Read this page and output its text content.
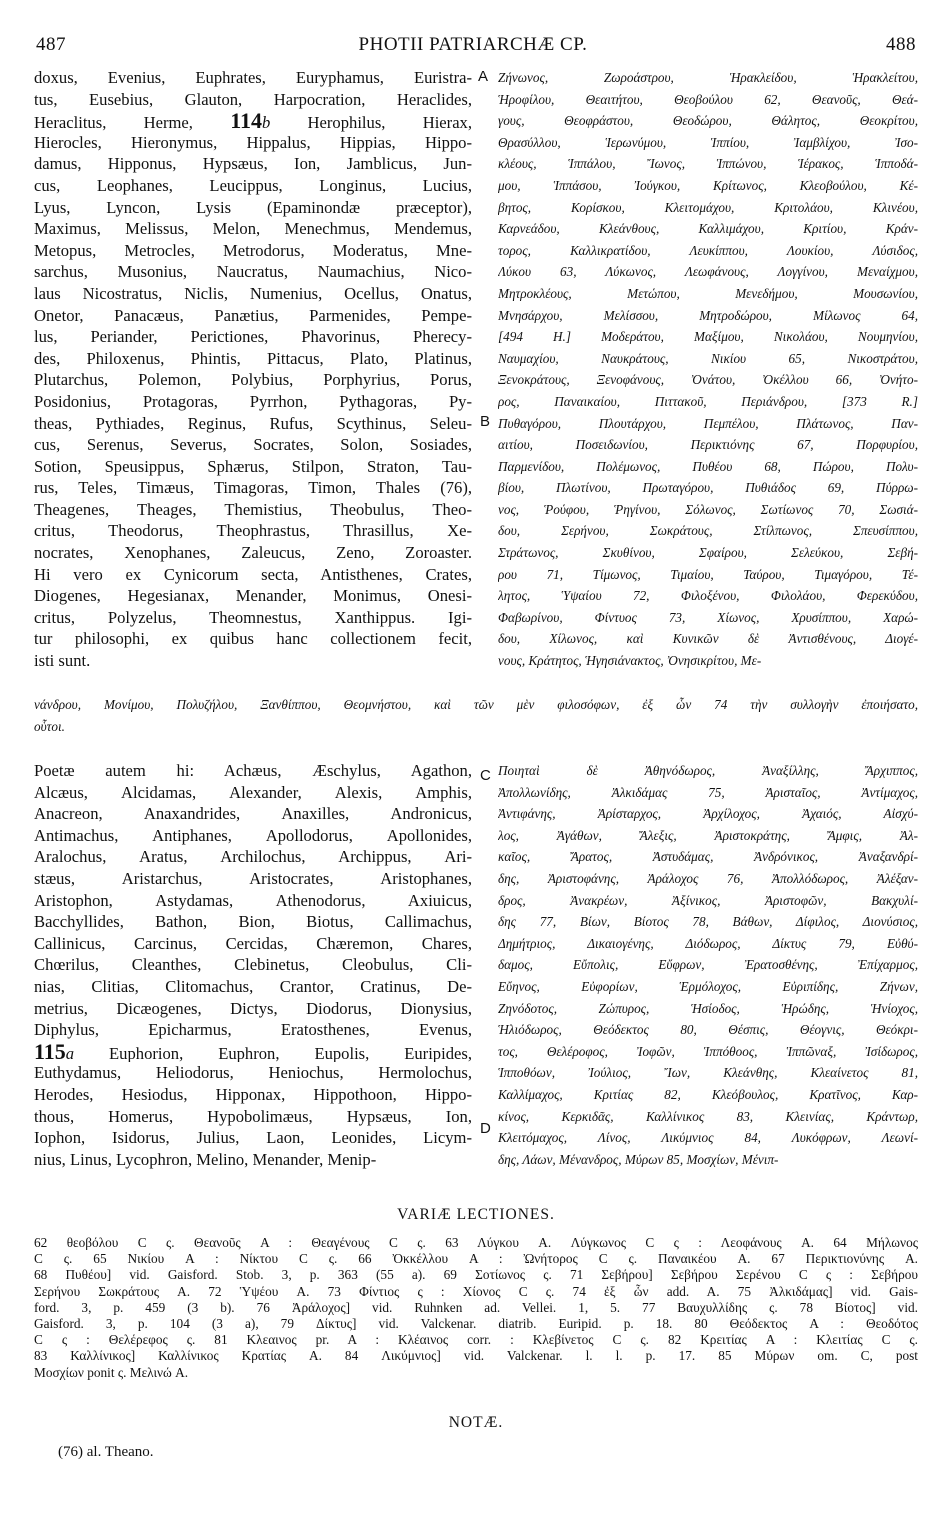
487	PHOTII PATRIARCHÆ CP.	488
doxus, Evenius, Euphrates, Euryphamus, Euristra-
tus, Eusebius, Glauton, Harpocration, Heraclides,
Heraclitus, Herme, 114b Herophilus, Hierax,
Hierocles, Hieronymus, Hippalus, Hippias, Hippo-
damus, Hipponus, Hypsæus, Ion, Jamblicus, Jun-
cus, Leophanes, Leucippus, Longinus, Lucius,
Lyus, Lyncon, Lysis (Epaminondæ præceptor),
Maximus, Melissus, Melon, Menechmus, Mendemus,
Metopus, Metrocles, Metrodorus, Moderatus, Mne-
sarchus, Musonius, Naucratus, Naumachius, Nico-
laus Nicostratus, Niclis, Numenius, Ocellus, Onatus,
Onetor, Panacæus, Panætius, Parmenides, Pempe-
lus, Periander, Perictiones, Phavorinus, Pherecy-
des, Philoxenus, Phintis, Pittacus, Plato, Platinus,
Plutarchus, Polemon, Polybius, Porphyrius, Porus,
Posidonius, Protagoras, Pyrrhon, Pythagoras, Py-
theas, Pythiades, Reginus, Rufus, Scythinus, Seleu-
cus, Serenus, Severus, Socrates, Solon, Sosiades,
Sotion, Speusippus, Sphærus, Stilpon, Straton, Tau-
rus, Teles, Timæus, Timagoras, Timon, Thales (76),
Theagenes, Theages, Themistius, Theobulus, Theo-
critus, Theodorus, Theophrastus, Thrasillus, Xe-
nocrates, Xenophanes, Zaleucus, Zeno, Zoroaster.
Hi vero ex Cynicorum secta, Antisthenes, Crates,
Diogenes, Hegesianax, Menander, Monimus, Onesi-
critus, Polyzelus, Theomnestus, Xanthippus. Igi-
tur philosophi, ex quibus hanc collectionem fecit,
isti sunt.
Ζήνωνος, Ζωροάστρου, Ἡρακλείδου, Ἡρακλείτου,
Ἡροφίλου, Θεαιτήτου, Θεοβούλου 62, Θεανοῦς, Θεά-
γους, Θεοφράστου, Θεοδώρου, Θάλητος, Θεοκρίτου,
Θρασύλλου, Ἱερωνύμου, Ἱππίου, Ἰαμβλίχου, Ἰσο-
κλέους, Ἱππάλου, Ἴωνος, Ἱππώνου, Ἱέρακος, Ἱπποδά-
μου, Ἱππάσου, Ἰούγκου, Κρίτωνος, Κλεοβούλου, Κέ-
βητος, Κορίσκου, Κλειτομάχου, Κριτολάου, Κλινέου,
Καρνεάδου, Κλεάνθους, Καλλιμάχου, Κριτίου, Κράν-
τορος, Καλλικρατίδου, Λευκίππου, Λουκίου, Λύσιδος,
Λύκου 63, Λύκωνος, Λεωφάνους, Λογγίνου, Μεναίχμου,
Μητροκλέους, Μετώπου, Μενεδήμου, Μουσωνίου,
Μνησάρχου, Μελίσσου, Μητροδώρου, Μίλωνος 64,
[494 H.] Μοδεράτου, Μαξίμου, Νικολάου, Νουμηνίου,
Ναυμαχίου, Ναυκράτους, Νικίου 65, Νικοστράτου,
Ξενοκράτους, Ξενοφάνους, Ὀνάτου, Ὀκέλλου 66, Ὀνήτο-
ρος, Παναικαίου, Πιττακοῦ, Περιάνδρου, [373 R.]
Πυθαγόρου, Πλουτάρχου, Πεμπέλου, Πλάτωνος, Παν-
αιτίου, Ποσειδωνίου, Περικτιόνης 67, Πορφυρίου,
Παρμενίδου, Πολέμωνος, Πυθέου 68, Πώρου, Πολυ-
βίου, Πλωτίνου, Πρωταγόρου, Πυθιάδος 69, Πύρρω-
νος, Ῥούφου, Ῥηγίνου, Σόλωνος, Σωτίωνος 70, Σωσιά-
δου, Σερήνου, Σωκράτους, Στίλπωνος, Σπευσίππου,
Στράτωνος, Σκυθίνου, Σφαίρου, Σελεύκου, Σεβή-
ρου 71, Τίμωνος, Τιμαίου, Ταύρου, Τιμαγόρου, Τέ-
λητος, Ὑψαίου 72, Φιλοξένου, Φιλολάου, Φερεκύδου,
Φαβωρίνου, Φίντυος 73, Χίωνος, Χρυσίππου, Χαρώ-
δου, Χίλωνος, καὶ Κυνικῶν δὲ Ἀντισθένους, Διογέ-
νους, Κράτητος, Ἡγησιάνακτος, Ὀνησικρίτου, Με-
A
B
C
D
νάνδρου, Μονίμου, Πολυζήλου, Ξανθίππου, Θεομνήστου, καὶ τῶν μὲν φιλοσόφων, ἐξ ὧν 74 τὴν συλλογὴν ἐποιήσατο,
οὗτοι.
Poetæ autem hi: Achæus, Æschylus, Agathon,
Alcæus, Alcidamas, Alexander, Alexis, Amphis,
Anacreon, Anaxandrides, Anaxilles, Andronicus,
Antimachus, Antiphanes, Apollodorus, Apollonides,
Aralochus, Aratus, Archilochus, Archippus, Ari-
stæus, Aristarchus, Aristocrates, Aristophanes,
Aristophon, Astydamas, Athenodorus, Axiuicus,
Bacchyllides, Bathon, Bion, Biotus, Callimachus,
Callinicus, Carcinus, Cercidas, Chæremon, Chares,
Chœrilus, Cleanthes, Clebinetus, Cleobulus, Cli-
nias, Clitias, Clitomachus, Crantor, Cratinus, De-
metrius, Dicæogenes, Dictys, Diodorus, Dionysius,
Diphylus, Epicharmus, Eratosthenes, Evenus,
115a Euphorion, Euphron, Eupolis, Euripides,
Euthydamus, Heliodorus, Heniochus, Hermolochus,
Herodes, Hesiodus, Hipponax, Hippothoon, Hippo-
thous, Homerus, Hypobolimæus, Hypsæus, Ion,
Iophon, Isidorus, Julius, Laon, Leonides, Licym-
nius, Linus, Lycophron, Melino, Menander, Menip-
Ποιηταὶ δὲ Ἀθηνόδωρος, Ἀναξίλλης, Ἄρχιππος,
Ἀπολλωνίδης, Ἀλκιδάμας 75, Ἀρισταῖος, Ἀντίμαχος,
Ἀντιφάνης, Ἀρίσταρχος, Ἀρχίλοχος, Ἀχαιός, Αἰσχύ-
λος, Ἀγάθων, Ἄλεξις, Ἀριστοκράτης, Ἄμφις, Ἀλ-
καῖος, Ἄρατος, Ἀστυδάμας, Ἀνδρόνικος, Ἀναξανδρί-
δης, Ἀριστοφάνης, Ἀράλοχος 76, Ἀπολλόδωρος, Ἀλέξαν-
δρος, Ἀνακρέων, Ἀξίνικος, Ἀριστοφῶν, Βακχυλί-
δης 77, Βίων, Βίοτος 78, Βάθων, Δίφιλος, Διονύσιος,
Δημήτριος, Δικαιογένης, Διόδωρος, Δίκτυς 79, Εὐθύ-
δαμος, Εὔπολις, Εὔφρων, Ἐρατοσθένης, Ἐπίχαρμος,
Εὔηνος, Εὐφορίων, Ἑρμόλοχος, Εὐριπίδης, Ζήνων,
Ζηνόδοτος, Ζώπυρος, Ἡσίοδος, Ἡρώδης, Ἡνίοχος,
Ἡλιόδωρος, Θεόδεκτος 80, Θέσπις, Θέογνις, Θεόκρι-
τος, Θελέροφος, Ἰοφῶν, Ἱππόθοος, Ἱππῶναξ, Ἰσίδωρος,
Ἱπποθόων, Ἰούλιος, Ἴων, Κλεάνθης, Κλεαίνετος 81,
Καλλίμαχος, Κριτίας 82, Κλεόβουλος, Κρατῖνος, Καρ-
κίνος, Κερκιδᾶς, Καλλίνικος 83, Κλεινίας, Κράντωρ,
Κλειτόμαχος, Λίνος, Λικύμνιος 84, Λυκόφρων, Λεωνί-
δης, Λάων, Μένανδρος, Μύρων 85, Μοσχίων, Μένιπ-
VARIÆ LECTIONES.
62 θεοβόλου C ς. Θεανοῦς A : Θεαγένους C ς. 63 Λύγκου A. Λύγκωνος C ς : Λεοφάνους A. 64 Μήλωνος
C ς. 65 Νικίου A : Νίκτου C ς. 66 Ὀκκέλλου A : Ὠνήτορος C ς. Παναικέου A. 67 Περικτιονύνης A.
68 Πυθέου] vid. Gaisford. Stob. 3, p. 363 (55 a). 69 Σοτίωνος ς. 71 Σεβήρου] Σεβήρου Σερένου C ς : Σεβήρου
Σερήνου Σωκράτους A. 72 Ὑψέου A. 73 Φίντιος ς : Χίονος C ς. 74 ἐξ ὧν add. A. 75 Ἀλκιδάμας] vid. Gais-
ford. 3, p. 459 (3 b). 76 Ἀράλοχος] vid. Ruhnken ad. Vellei. 1, 5. 77 Βαυχυλλίδης ς. 78 Βίοτος] vid.
Gaisford. 3, p. 104 (3 a), 79 Δίκτυς] vid. Valckenar. diatrib. Euripid. p. 18. 80 Θεόδεκτος A : Θεοδότος
C ς : Θελέρεφος ς. 81 Κλεαινος pr. A : Κλέαινος corr. : Κλεβίνετος C ς. 82 Κρειτίας A : Κλειτίας C ς.
83 Καλλίνικος] Καλλίνικος Κρατίας A. 84 Λικύμνιος] vid. Valckenar. l. l. p. 17. 85 Μύρων om. C, post
Μοσχίων ponit ς. Μελινώ A.
NOTÆ.
(76) al. Theano.
